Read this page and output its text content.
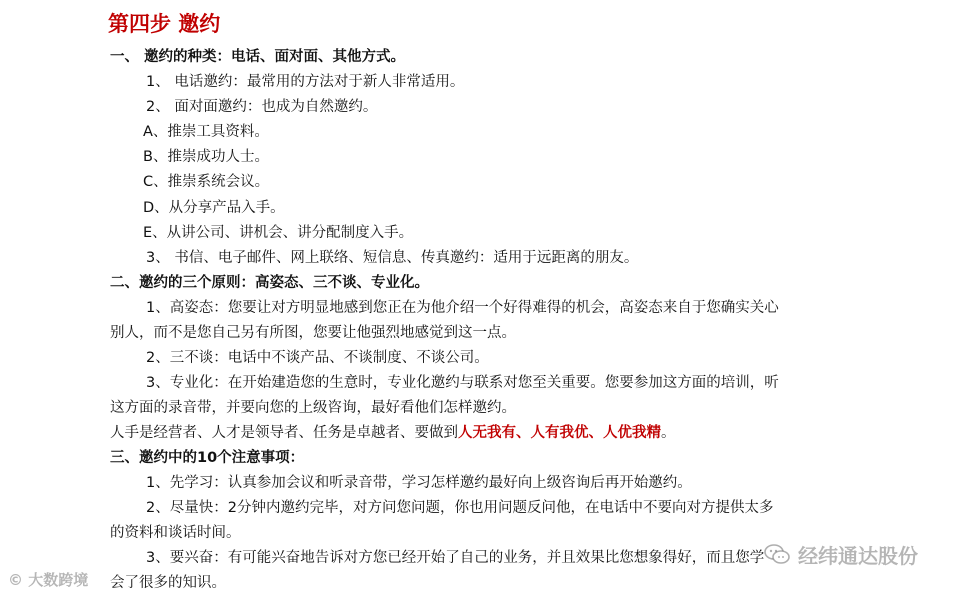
第四步 邀约
一、 邀约的种类：电话、面对面、其他方式。
1、 电话邀约：最常用的方法对于新人非常适用。
2、 面对面邀约：也成为自然邀约。
A、推崇工具资料。
B、推崇成功人士。
C、推崇系统会议。
D、从分享产品入手。
E、从讲公司、讲机会、讲分配制度入手。
3、 书信、电子邮件、网上联络、短信息、传真邀约：适用于远距离的朋友。
二、邀约的三个原则：高姿态、三不谈、专业化。
1、高姿态：您要让对方明显地感到您正在为他介绍一个好得难得的机会，高姿态来自于您确实关心
别人，而不是您自己另有所图，您要让他强烈地感觉到这一点。
2、三不谈：电话中不谈产品、不谈制度、不谈公司。
3、专业化：在开始建造您的生意时，专业化邀约与联系对您至关重要。您要参加这方面的培训，听
这方面的录音带，并要向您的上级咨询，最好看他们怎样邀约。
人手是经营者、人才是领导者、任务是卓越者、要做到人无我有、人有我优、人优我精。
三、邀约中的10个注意事项：
1、先学习：认真参加会议和听录音带，学习怎样邀约最好向上级咨询后再开始邀约。
2、尽量快：2分钟内邀约完毕，对方问您问题，你也用问题反问他，在电话中不要向对方提供太多
的资料和谈话时间。
3、要兴奋：有可能兴奋地告诉对方您已经开始了自己的业务，并且效果比您想象得好，而且您学
会了很多的知识。
© 大数跨境
经纬通达股份
